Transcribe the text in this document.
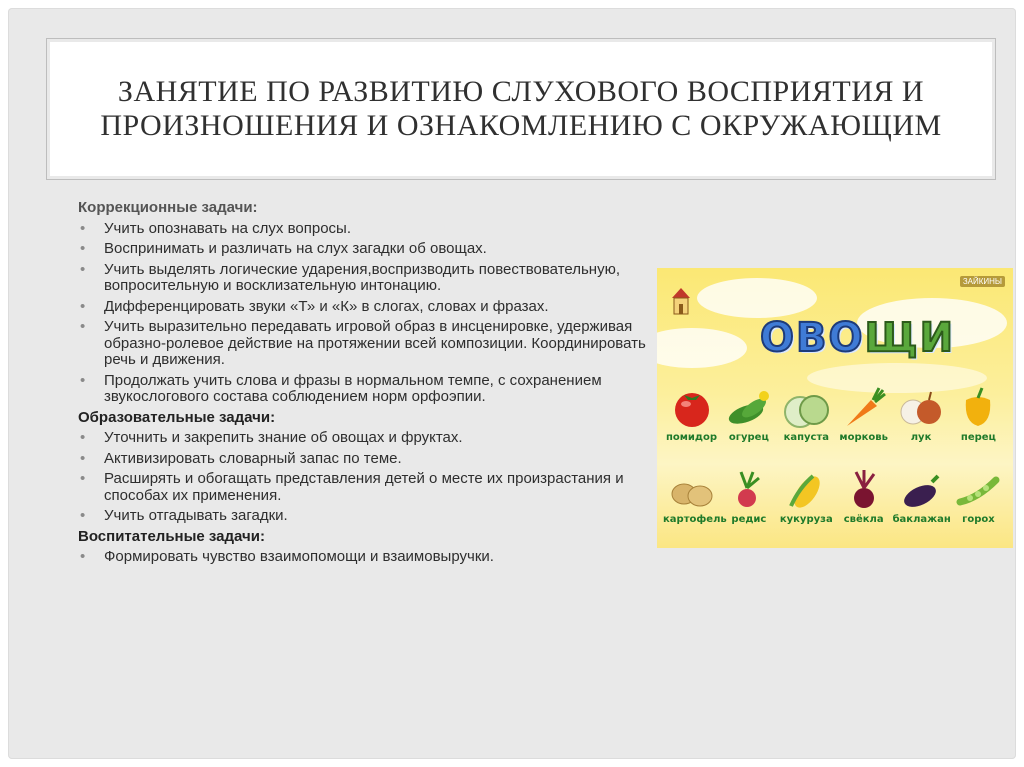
ЗАНЯТИЕ ПО РАЗВИТИЮ СЛУХОВОГО ВОСПРИЯТИЯ И ПРОИЗНОШЕНИЯ И ОЗНАКОМЛЕНИЮ С ОКРУЖАЮЩИМ
Коррекционные задачи:
• Учить опознавать на слух вопросы.
• Воспринимать и различать на слух загадки об овощах.
• Учить выделять логические ударения,воспризводить повествовательную, вопросительную и восклизательную интонацию.
• Дифференцировать звуки «Т» и «К» в слогах, словах и фразах.
• Учить выразительно передавать игровой образ в инсценировке, удерживая образно-ролевое действие на протяжении всей композиции. Координировать речь и движения.
• Продолжать учить слова и фразы в нормальном темпе, с сохранением звукослогового состава соблюдением норм орфоэпии.
Образовательные задачи:
• Уточнить и закрепить знание об овощах и фруктах.
• Активизировать словарный запас по теме.
• Расширять и обогащать представления детей о месте их произрастания и способах их применения.
• Учить отгадывать загадки.
Воспитательные задачи:
• Формировать чувство взаимопомощи и взаимовыручки.
ЗАЙКИНЫ
О В О Щ И
помидор	огурец	капуста	морковь	лук	перец
картофель редис	кукуруза	свёкла баклажан	горох
